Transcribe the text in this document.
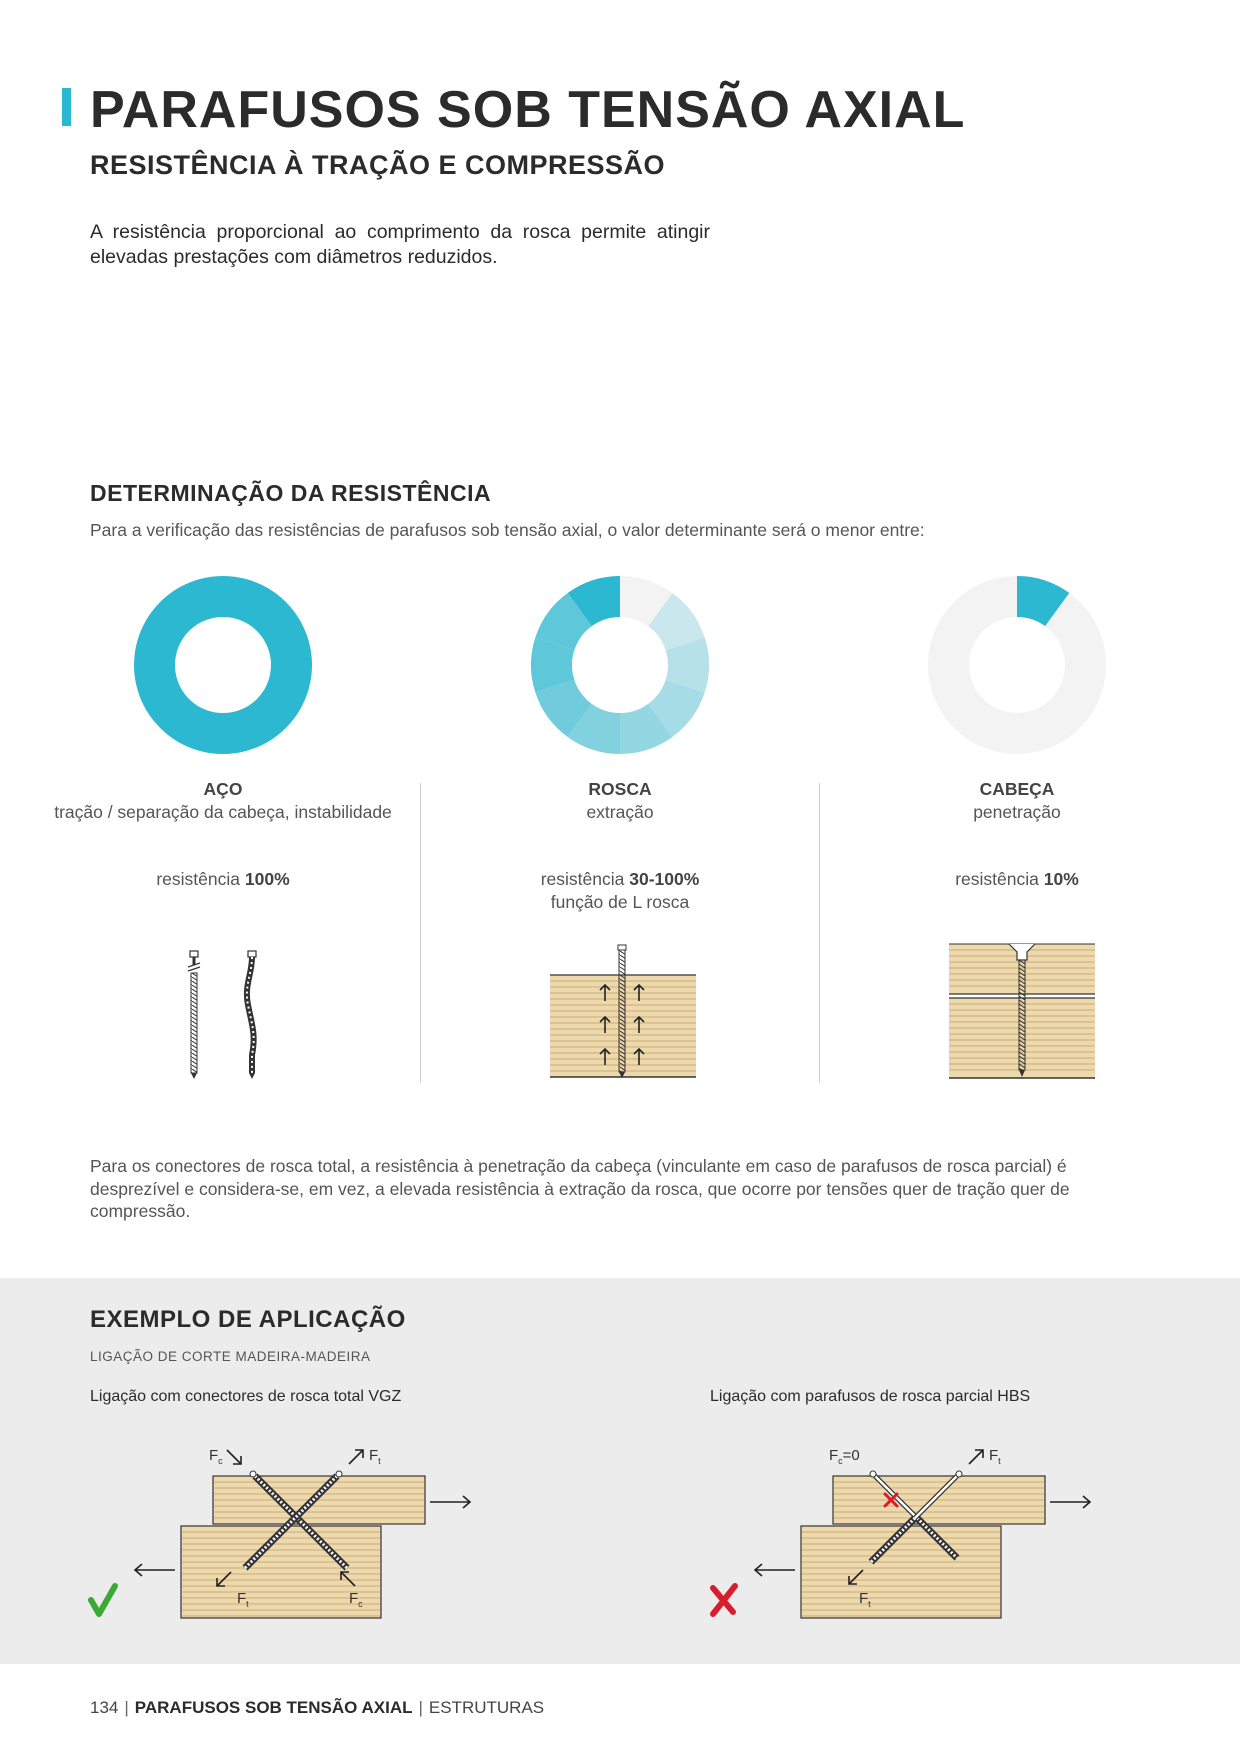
PARAFUSOS SOB TENSÃO AXIAL
RESISTÊNCIA À TRAÇÃO E COMPRESSÃO

A resistência proporcional ao comprimento da rosca permite atingir elevadas prestações com diâmetros reduzidos.

DETERMINAÇÃO DA RESISTÊNCIA

Para a verificação das resistências de parafusos sob tensão axial, o valor determinante será o menor entre:

AÇO
tração / separação da cabeça, instabilidade
ROSCA
extração
CABEÇA
penetração
resistência 100%	resistência 30-100%
função de L rosca
resistência 10%

Para os conectores de rosca total, a resistência à penetração da cabeça (vinculante em caso de parafusos de rosca parcial) é desprezível e considera-se, em vez, a elevada resistência à extração da rosca, que ocorre por tensões quer de tração quer de compressão.

EXEMPLO DE APLICAÇÃO

LIGAÇÃO DE CORTE MADEIRA-MADEIRA

Ligação com conectores de rosca total VGZ	Ligação com parafusos de rosca parcial HBS

$F_c$	$F_t$
$F_t$	$F_c$
$F_c=0$	$F_t$
$F_t$
134 | PARAFUSOS SOB TENSÃO AXIAL | ESTRUTURAS
